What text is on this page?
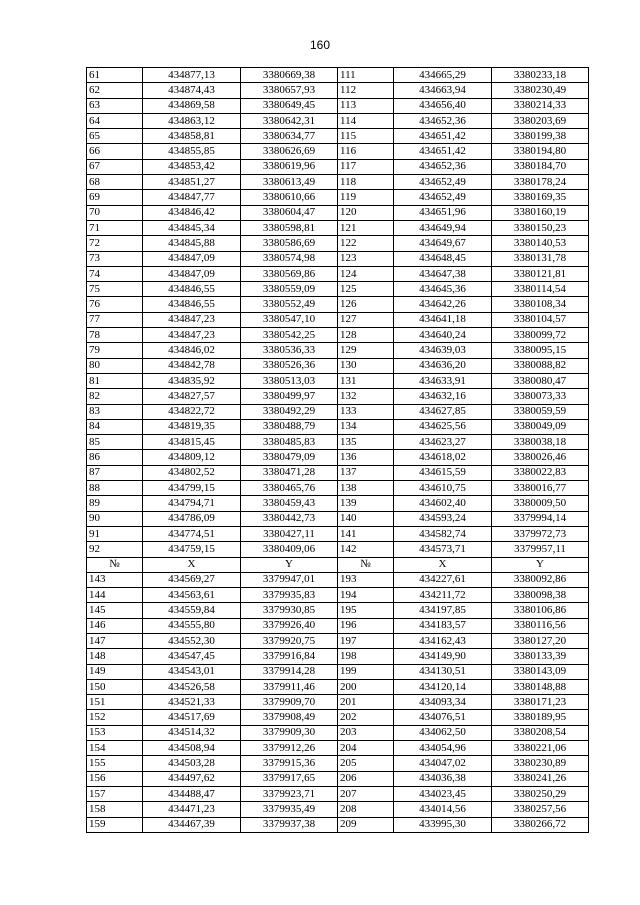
160
61	434877,13	3380669,38	111	434665,29	3380233,18
62	434874,43	3380657,93	112	434663,94	3380230,49
63	434869,58	3380649,45	113	434656,40	3380214,33
64	434863,12	3380642,31	114	434652,36	3380203,69
65	434858,81	3380634,77	115	434651,42	3380199,38
66	434855,85	3380626,69	116	434651,42	3380194,80
67	434853,42	3380619,96	117	434652,36	3380184,70
68	434851,27	3380613,49	118	434652,49	3380178,24
69	434847,77	3380610,66	119	434652,49	3380169,35
70	434846,42	3380604,47	120	434651,96	3380160,19
71	434845,34	3380598,81	121	434649,94	3380150,23
72	434845,88	3380586,69	122	434649,67	3380140,53
73	434847,09	3380574,98	123	434648,45	3380131,78
74	434847,09	3380569,86	124	434647,38	3380121,81
75	434846,55	3380559,09	125	434645,36	3380114,54
76	434846,55	3380552,49	126	434642,26	3380108,34
77	434847,23	3380547,10	127	434641,18	3380104,57
78	434847,23	3380542,25	128	434640,24	3380099,72
79	434846,02	3380536,33	129	434639,03	3380095,15
80	434842,78	3380526,36	130	434636,20	3380088,82
81	434835,92	3380513,03	131	434633,91	3380080,47
82	434827,57	3380499,97	132	434632,16	3380073,33
83	434822,72	3380492,29	133	434627,85	3380059,59
84	434819,35	3380488,79	134	434625,56	3380049,09
85	434815,45	3380485,83	135	434623,27	3380038,18
86	434809,12	3380479,09	136	434618,02	3380026,46
87	434802,52	3380471,28	137	434615,59	3380022,83
88	434799,15	3380465,76	138	434610,75	3380016,77
89	434794,71	3380459,43	139	434602,40	3380009,50
90	434786,09	3380442,73	140	434593,24	3379994,14
91	434774,51	3380427,11	141	434582,74	3379972,73
92	434759,15	3380409,06	142	434573,71	3379957,11
№	X	Y	№	X	Y
143	434569,27	3379947,01	193	434227,61	3380092,86
144	434563,61	3379935,83	194	434211,72	3380098,38
145	434559,84	3379930,85	195	434197,85	3380106,86
146	434555,80	3379926,40	196	434183,57	3380116,56
147	434552,30	3379920,75	197	434162,43	3380127,20
148	434547,45	3379916,84	198	434149,90	3380133,39
149	434543,01	3379914,28	199	434130,51	3380143,09
150	434526,58	3379911,46	200	434120,14	3380148,88
151	434521,33	3379909,70	201	434093,34	3380171,23
152	434517,69	3379908,49	202	434076,51	3380189,95
153	434514,32	3379909,30	203	434062,50	3380208,54
154	434508,94	3379912,26	204	434054,96	3380221,06
155	434503,28	3379915,36	205	434047,02	3380230,89
156	434497,62	3379917,65	206	434036,38	3380241,26
157	434488,47	3379923,71	207	434023,45	3380250,29
158	434471,23	3379935,49	208	434014,56	3380257,56
159	434467,39	3379937,38	209	433995,30	3380266,72
